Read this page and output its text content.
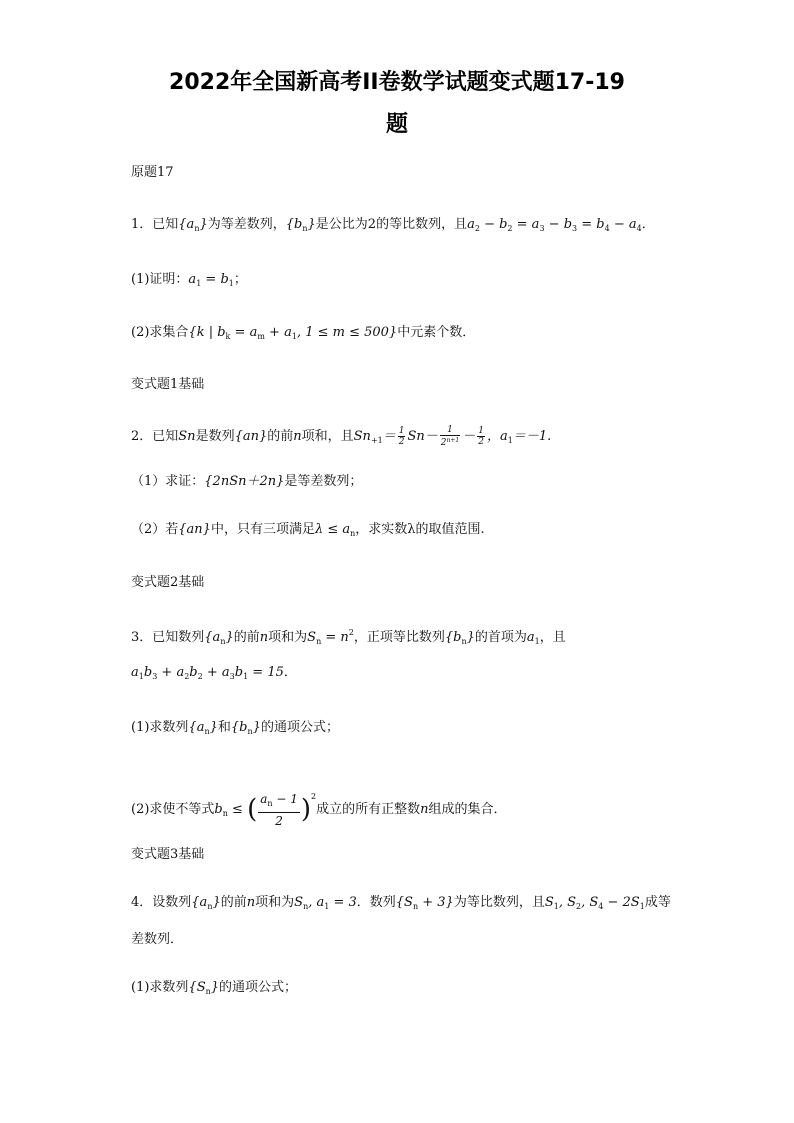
2022年全国新高考II卷数学试题变式题17-19
题
原题17
1．已知$\{a_n\}$为等差数列，$\{b_n\}$是公比为2的等比数列，且$a_2 - b_2 = a_3 - b_3 = b_4 - a_4$．
(1)证明：$a_1 = b_1$；
(2)求集合{k | $b_k = a_m + a_1$, 1 ≤ m ≤ 500}中元素个数．
变式题1基础
2．已知Sn是数列{an}的前n项和，且$Sn_{+1}= \frac{1}{2} Sn- \frac{1}{2^{n+1}} - \frac{1}{2}$ ，$a_1=-1$.
（1）求证：{2nSn＋2n}是等差数列；
（2）若{an}中，只有三项满足$\lambda \le a_n$，求实数λ的取值范围.
变式题2基础
3．已知数列$\{a_n\}$的前n项和为$S_n = n^2$，正项等比数列$\{b_n\}$的首项为$a_1$，且
$a_1b_3 + a_2b_2 + a_3b_1 = 15$．
(1)求数列$\{a_n\}$和$\{b_n\}$的通项公式；
(2)求使不等式$b_n$ ≤ ( $\frac{a_n - 1}{2} )^2$成立的所有正整数n组成的集合．
变式题3基础
4．设数列$\{a_n\}$的前n项和为$S_n$, $a_1 = 3$．数列$\{S_n + 3\}$为等比数列，且$S_1$, $S_2$, $S_4 - 2S_1$成等
差数列．
(1)求数列$\{S_n\}$的通项公式；
